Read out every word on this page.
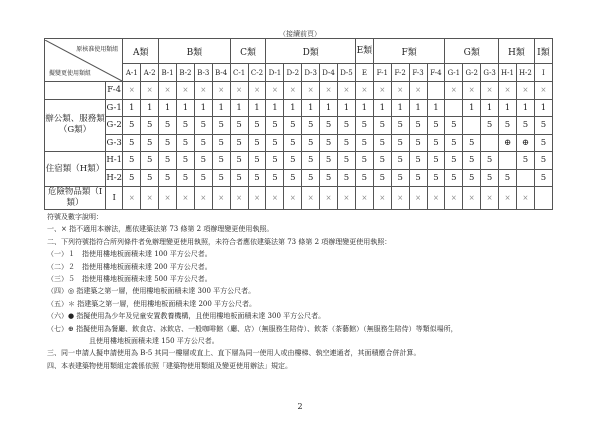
（接續前頁）
原核准使用類組
擬變更使用類組		A類		B類				C類		D類					E類	F類				G類			H類		I類
		A-1	A-2	B-1	B-2	B-3	B-4	C-1	C-2	D-1	D-2	D-3	D-4	D-5	E	F-1	F-2	F-3	F-4	G-1	G-2	G-3	H-1	H-2	I
	F-4	×	×	×	×	×	×	×	×	×	×	×	×	×	×	×	×	×		×	×	×	×	×	×
辦公類、服務類（G類）	G-1	1	1	1	1	1	1	1	1	1	1	1	1	1	1	1	1	1	1		1	1	1	1	1
	G-2	5	5	5	5	5	5	5	5	5	5	5	5	5	5	5	5	5	5	5		5	5	5	5
	G-3	5	5	5	5	5	5	5	5	5	5	5	5	5	5	5	5	5	5	5	5		⊕	⊕	5
住宿類（H類）	H-1	5	5	5	5	5	5	5	5	5	5	5	5	5	5	5	5	5	5	5	5	5		5	5
	H-2	5	5	5	5	5	5	5	5	5	5	5	5	5	5	5	5	5	5	5	5	5	5		5
危險物品類（I類）	I	×	×	×	×	×	×	×	×	×	×	×	×	×	×	×	×	×	×	×	×	×	×	×	
符號及數字說明：
一、× 指不適用本辦法，應依建築法第 73 條第 2 項辦理變更使用執照。
二、下列符號指符合所列條件者免辦理變更使用執照，未符合者應依建築法第 73 條第 2 項辦理變更使用執照：
（一）１　指使用樓地板面積未達 100 平方公尺者。
（二）２　指使用樓地板面積未達 200 平方公尺者。
（三）５　指使用樓地板面積未達 500 平方公尺者。
（四）◎ 指建築之第一層，使用樓地板面積未達 300 平方公尺者。
（五）＊ 指建築之第一層，使用樓地板面積未達 200 平方公尺者。
（六）● 指擬使用為少年及兒童安置教養機構，且使用樓地板面積未達 300 平方公尺者。
（七）⊕ 指擬使用為餐廳、飲食店、冰飲店、一般咖啡館（廳、店）（無服務生陪侍）、飲茶（茶藝館）（無服務生陪侍）等類似場所，
且使用樓地板面積未達 150 平方公尺者。
三、同一申請人擬申請使用為 B-5 其同一樓層或直上、直下層為同一使用人或由樓梯、執空連通者，其面積應合併計算。
四、本表建築物使用類組定義係依照「建築物使用類組及變更使用辦法」規定。
2
